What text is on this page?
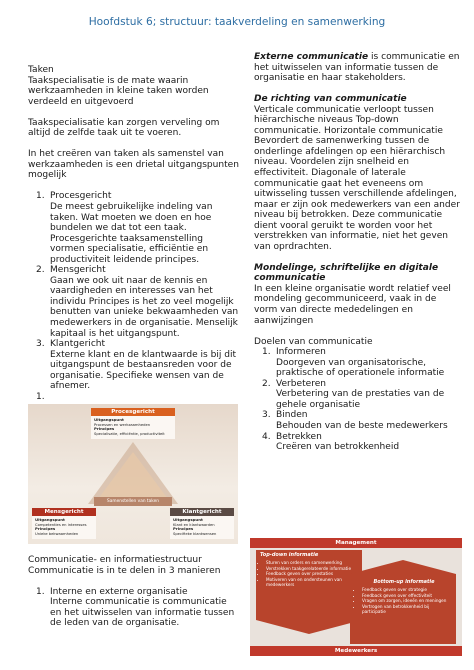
Hoofdstuk 6; structuur: taakverdeling en samenwerking

Taken

Taakspecialisatie is de mate waarin werkzaamheden in kleine taken worden verdeeld en uitgevoerd

Taakspecialisatie kan zorgen verveling om altijd de zelfde taak uit te voeren.

In het creëren van taken als samenstel van werkzaamheden is een drietal uitgangspunten mogelijk

1. Procesgericht

De meest gebruikelijke indeling van taken. Wat moeten we doen en hoe bundelen we dat tot een taak. Procesgerichte taaksamenstelling vormen specialisatie, efficiëntie en productiviteit leidende principes.

2. Mensgericht

Gaan we ook uit naar de kennis en vaardigheden en interesses van het individu Principes is het zo veel mogelijk benutten van unieke bekwaamheden van medewerkers in de organisatie. Menselijk kapitaal is het uitgangspunt.

3. Klantgericht

Externe klant en de klantwaarde is bij dit uitgangspunt de bestaansreden voor de organisatie. Specifieke wensen van de afnemer.

1.

Procesgericht
Uitgangspunt
Processen en werkzaamheden
Principes
Specialisatie, efficiëntie, productiviteit
Samenstellen van taken
Mensgericht
Uitgangspunt
Competenties en interesses
Principes
Unieke bekwaamheden
Klantgericht
Uitgangspunt
Klant en klantwaarden
Principes
Specifieke klantwensen

Communicatie- en informatiestructuur

Communicatie is in te delen in 3 manieren

1. Interne en externe organisatie

Interne communicatie is communicatie en het uitwisselen van informatie tussen de leden van de organisatie.

Externe communicatie is communicatie en het uitwisselen van informatie tussen de organisatie en haar stakeholders.

De richting van communicatie

Verticale communicatie verloopt tussen hiërarchische niveaus Top-down communicatie. Horizontale communicatie Bevordert de samenwerking tussen de onderlinge afdelingen op een hiërarchisch niveau. Voordelen zijn snelheid en effectiviteit. Diagonale of laterale communicatie gaat het eveneens om uitwisseling tussen verschillende afdelingen, maar er zijn ook medewerkers van een ander niveau bij betrokken. Deze communicatie dient vooral geruikt te worden voor het verstrekken van informatie, niet het geven van oprdrachten.

Mondelinge, schriftelijke en digitale communicatie

In een kleine organisatie wordt relatief veel mondeling gecommuniceerd, vaak in de vorm van directe mededelingen en aanwijzingen

Doelen van communicatie

1. Informeren

Doorgeven van organisatorische, praktische of operationele informatie

2. Verbeteren

Verbetering van de prestaties van de gehele organisatie

3. Binden

Behouden van de beste medewerkers

4. Betrekken

Creëren van betrokkenheid

Management
Top-down informatie
• Sturen van orders en samenwerking
• Verstrekken taakgerelateerde informatie
• Feedback geven over prestaties
• Motiveren van en ondersteunen van medewerkers	Bottom-up informatie
• Feedback geven over strategie
• Feedback geven over effectiviteit
• Vragen om zorgen, ideeën en meningen
• Vertrogen van betrokkenheid bij participatie
Medewerkers
